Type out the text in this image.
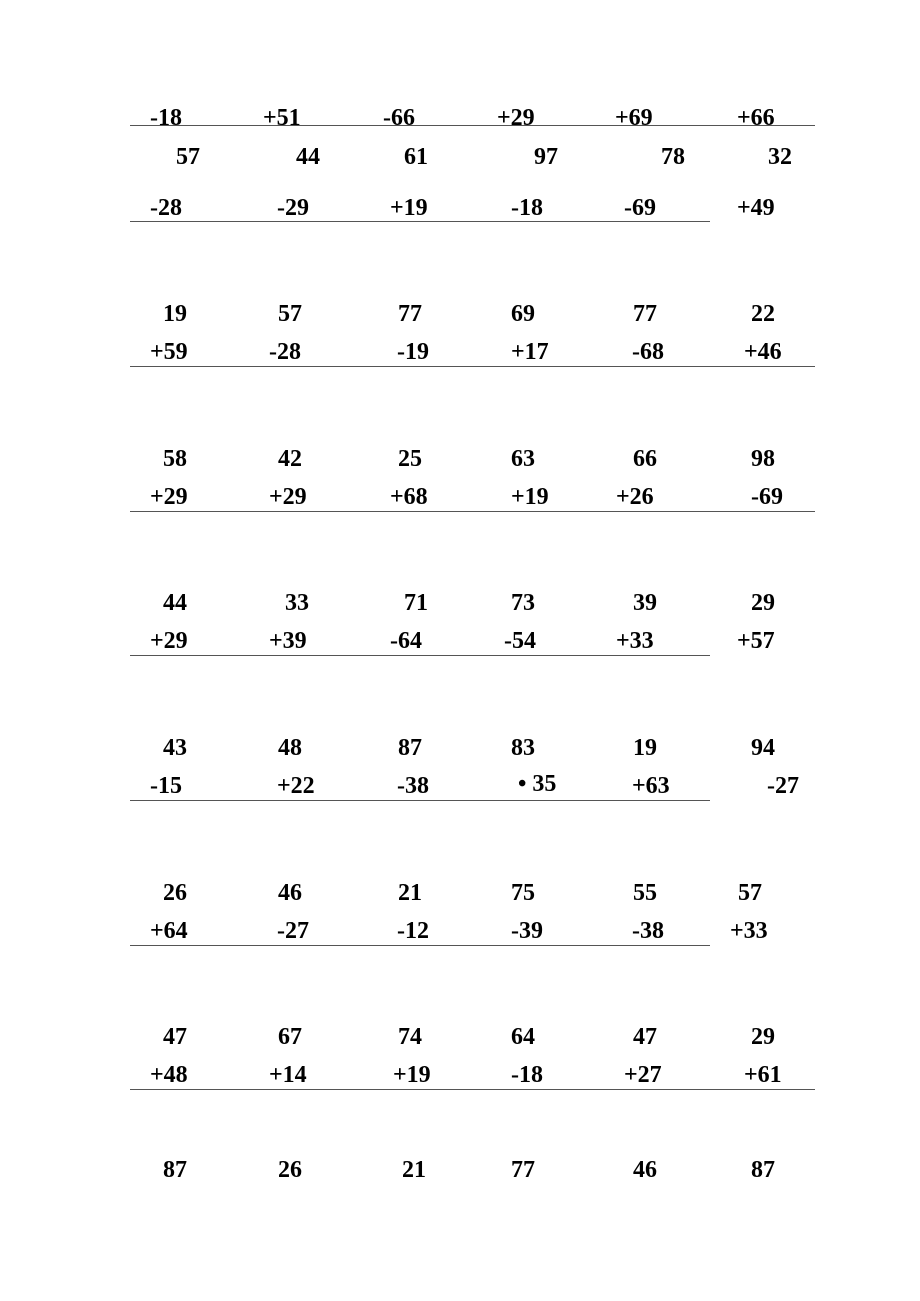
-18	+51	-66	+29	+69	+66
57	44	61	97	78	32
-28	-29	+19	-18	-69	+49
19	57	77	69	77	22
+59	-28	-19	+17	-68	+46
58	42	25	63	66	98
+29	+29	+68	+19	+26	-69
44	33	71	73	39	29
+29	+39	-64	-54	+33	+57
43	48	87	83	19	94
-15	+22	-38	• 35	+63	-27
26	46	21	75	55	57
+64	-27	-12	-39	-38	+33
47	67	74	64	47	29
+48	+14	+19	-18	+27	+61
87	26	21	77	46	87
